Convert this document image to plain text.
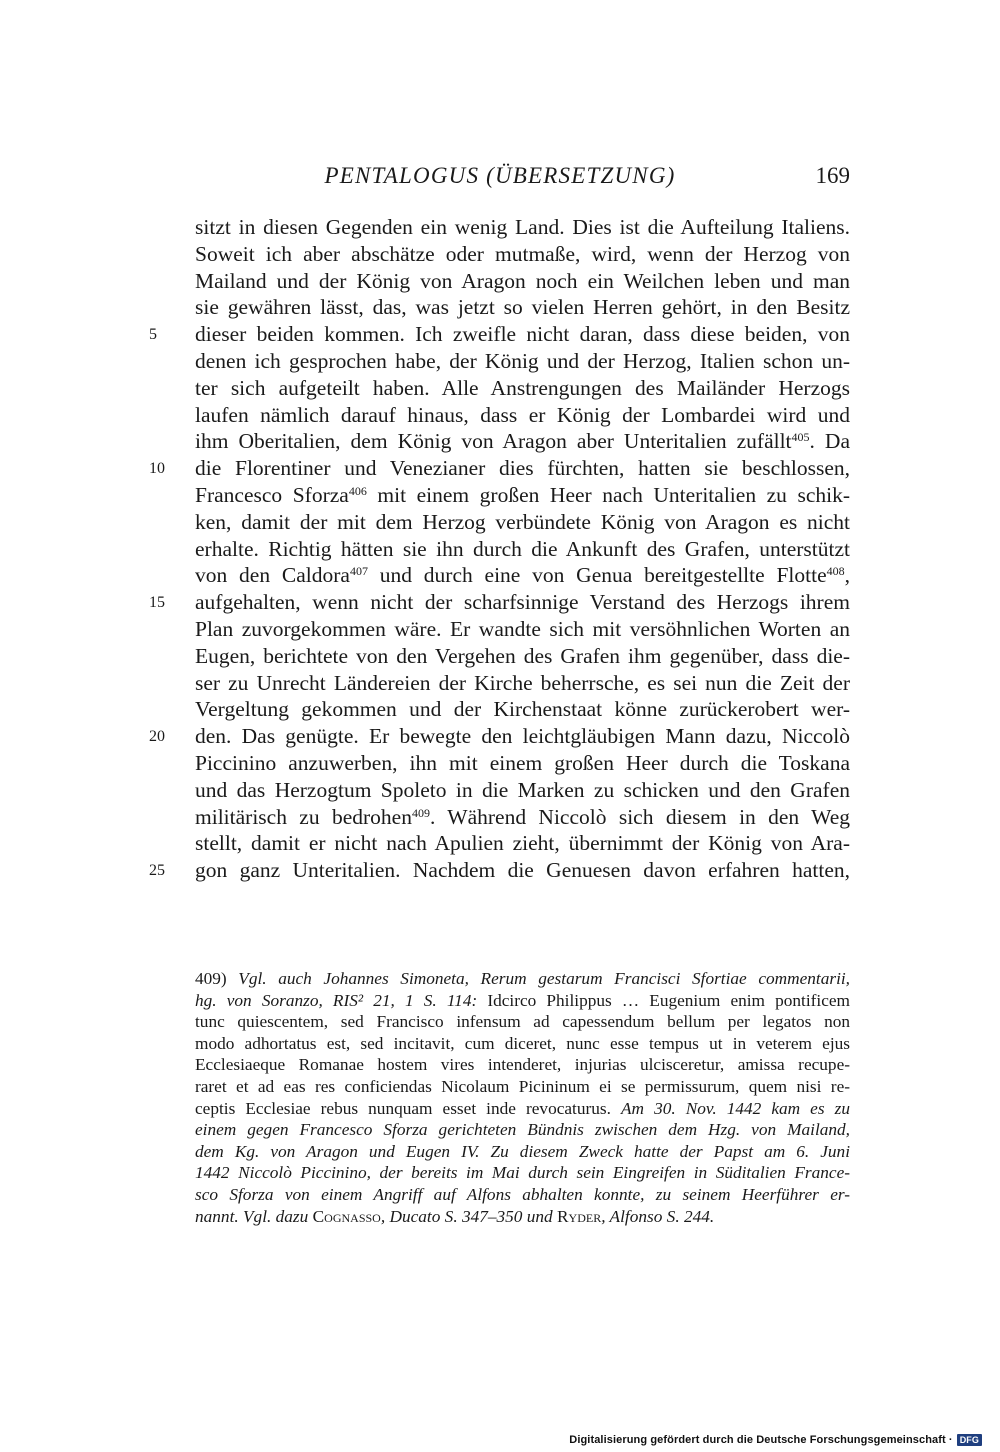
PENTALOGUS (ÜBERSETZUNG)	169
sitzt in diesen Gegenden ein wenig Land. Dies ist die Aufteilung Italiens.
Soweit ich aber abschätze oder mutmaße, wird, wenn der Herzog von
Mailand und der König von Aragon noch ein Weilchen leben und man
sie gewähren lässt, das, was jetzt so vielen Herren gehört, in den Besitz
5 dieser beiden kommen. Ich zweifle nicht daran, dass diese beiden, von
denen ich gesprochen habe, der König und der Herzog, Italien schon un-
ter sich aufgeteilt haben. Alle Anstrengungen des Mailänder Herzogs
laufen nämlich darauf hinaus, dass er König der Lombardei wird und
ihm Oberitalien, dem König von Aragon aber Unteritalien zufällt$^{405}$. Da
10 die Florentiner und Venezianer dies fürchten, hatten sie beschlossen,
Francesco Sforza$^{406}$ mit einem großen Heer nach Unteritalien zu schik-
ken, damit der mit dem Herzog verbündete König von Aragon es nicht
erhalte. Richtig hätten sie ihn durch die Ankunft des Grafen, unterstützt
von den Caldora$^{407}$ und durch eine von Genua bereitgestellte Flotte$^{408}$,
15 aufgehalten, wenn nicht der scharfsinnige Verstand des Herzogs ihrem
Plan zuvorgekommen wäre. Er wandte sich mit versöhnlichen Worten an
Eugen, berichtete von den Vergehen des Grafen ihm gegenüber, dass die-
ser zu Unrecht Ländereien der Kirche beherrsche, es sei nun die Zeit der
Vergeltung gekommen und der Kirchenstaat könne zurückerobert wer-
20 den. Das genügte. Er bewegte den leichtgläubigen Mann dazu, Niccolò
Piccinino anzuwerben, ihn mit einem großen Heer durch die Toskana
und das Herzogtum Spoleto in die Marken zu schicken und den Grafen
militärisch zu bedrohen$^{409}$. Während Niccolò sich diesem in den Weg
stellt, damit er nicht nach Apulien zieht, übernimmt der König von Ara-
25 gon ganz Unteritalien. Nachdem die Genuesen davon erfahren hatten,
409) Vgl. auch Johannes Simoneta, Rerum gestarum Francisci Sfortiae commentarii,
hg. von Soranzo, RIS² 21, 1 S. 114: Idcirco Philippus … Eugenium enim pontificem
tunc quiescentem, sed Francisco infensum ad capessendum bellum per legatos non
modo adhortatus est, sed incitavit, cum diceret, nunc esse tempus ut in veterem ejus
Ecclesiaeque Romanae hostem vires intenderet, injurias ulcisceretur, amissa recupe-
raret et ad eas res conficiendas Nicolaum Picininum ei se permissurum, quem nisi re-
ceptis Ecclesiae rebus nunquam esset inde revocaturus. Am 30. Nov. 1442 kam es zu
einem gegen Francesco Sforza gerichteten Bündnis zwischen dem Hzg. von Mailand,
dem Kg. von Aragon und Eugen IV. Zu diesem Zweck hatte der Papst am 6. Juni
1442 Niccolò Piccinino, der bereits im Mai durch sein Eingreifen in Süditalien France-
sco Sforza von einem Angriff auf Alfons abhalten konnte, zu seinem Heerführer er-
nannt. Vgl. dazu Cognasso, Ducato S. 347–350 und Ryder, Alfonso S. 244.
Digitalisierung gefördert durch die Deutsche Forschungsgemeinschaft · DFG
